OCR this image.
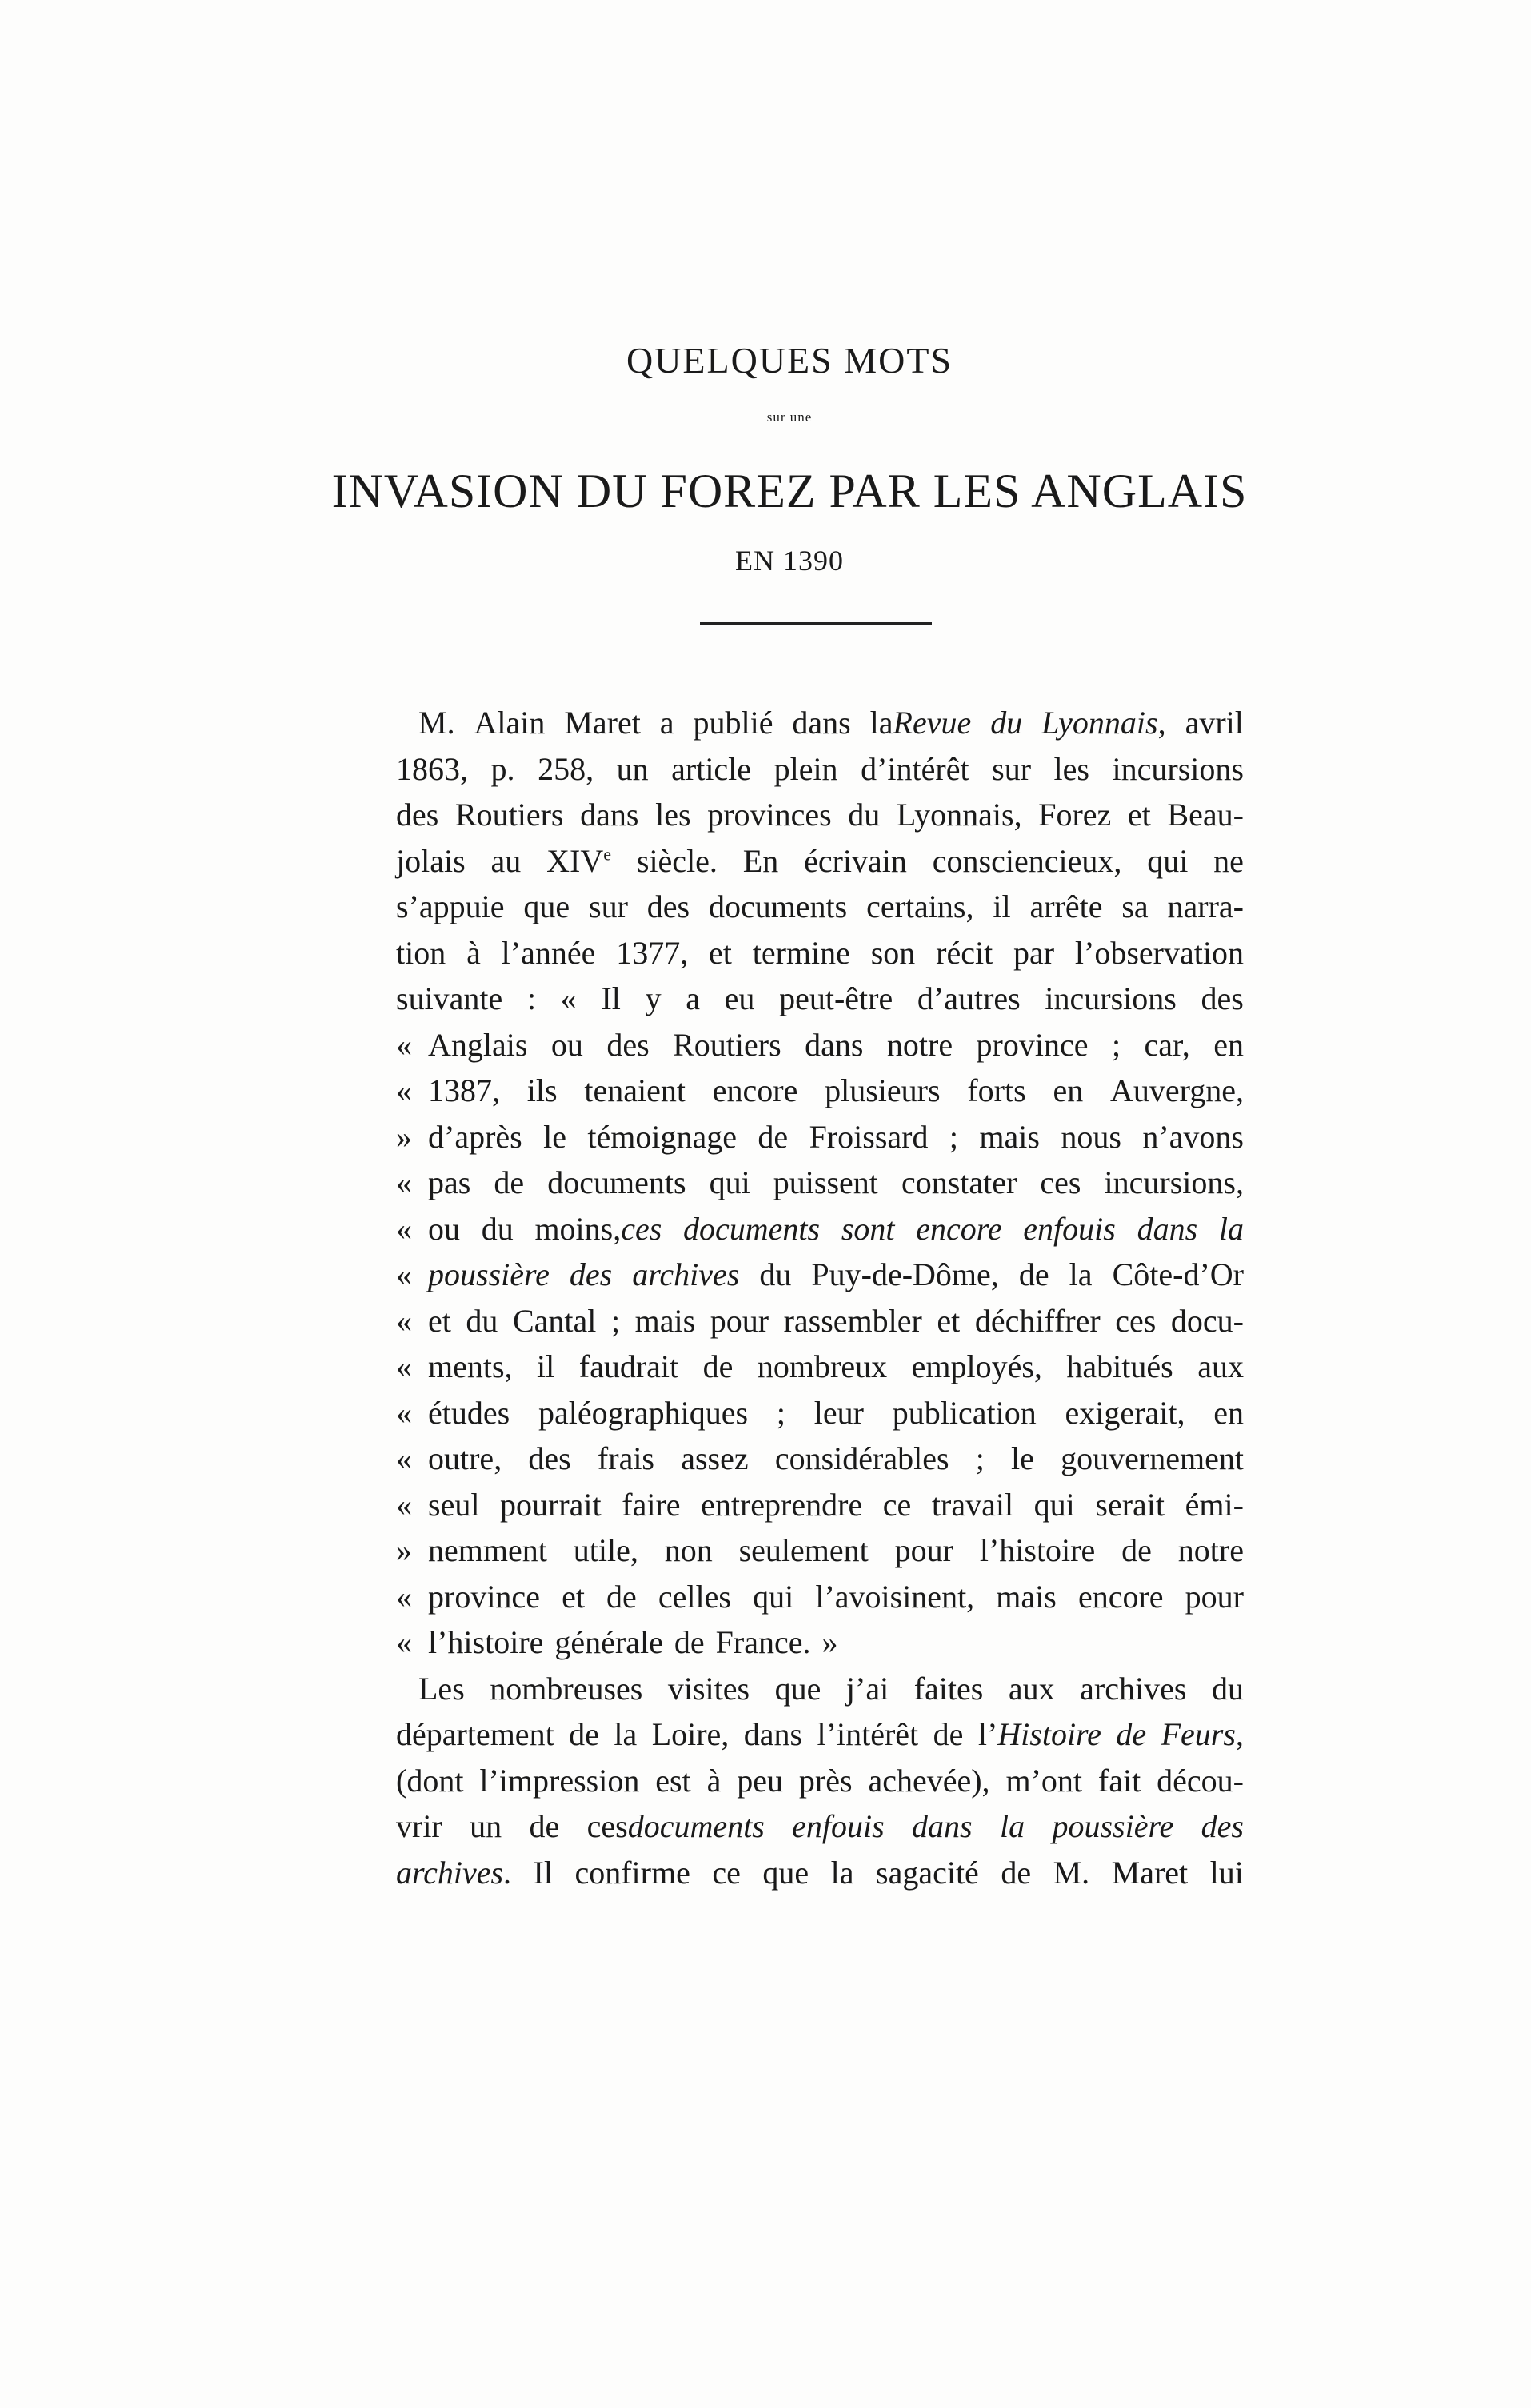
QUELQUES MOTS
sur une
INVASION DU FOREZ PAR LES ANGLAIS
EN 1390
M. Alain Maret a publié dans laRevue du Lyonnais, avril
1863, p. 258, un article plein d’intérêt sur les incursions
des Routiers dans les provinces du Lyonnais, Forez et Beau-
jolais au XIVe siècle. En écrivain consciencieux, qui ne
s’appuie que sur des documents certains, il arrête sa narra-
tion à l’année 1377, et termine son récit par l’observation
suivante : « Il y a eu peut-être d’autres incursions des
« Anglais ou des Routiers dans notre province ; car, en
« 1387, ils tenaient encore plusieurs forts en Auvergne,
» d’après le témoignage de Froissard ; mais nous n’avons
« pas de documents qui puissent constater ces incursions,
« ou du moins,ces documents sont encore enfouis dans la
« poussière des archives du Puy-de-Dôme, de la Côte-d’Or
« et du Cantal ; mais pour rassembler et déchiffrer ces docu-
« ments, il faudrait de nombreux employés, habitués aux
« études paléographiques ; leur publication exigerait, en
« outre, des frais assez considérables ; le gouvernement
« seul pourrait faire entreprendre ce travail qui serait émi-
» nemment utile, non seulement pour l’histoire de notre
« province et de celles qui l’avoisinent, mais encore pour
« l’histoire générale de France. »
Les nombreuses visites que j’ai faites aux archives du
département de la Loire, dans l’intérêt de l’Histoire de Feurs,
(dont l’impression est à peu près achevée), m’ont fait décou-
vrir un de cesdocuments enfouis dans la poussière des
archives. Il confirme ce que la sagacité de M. Maret lui
